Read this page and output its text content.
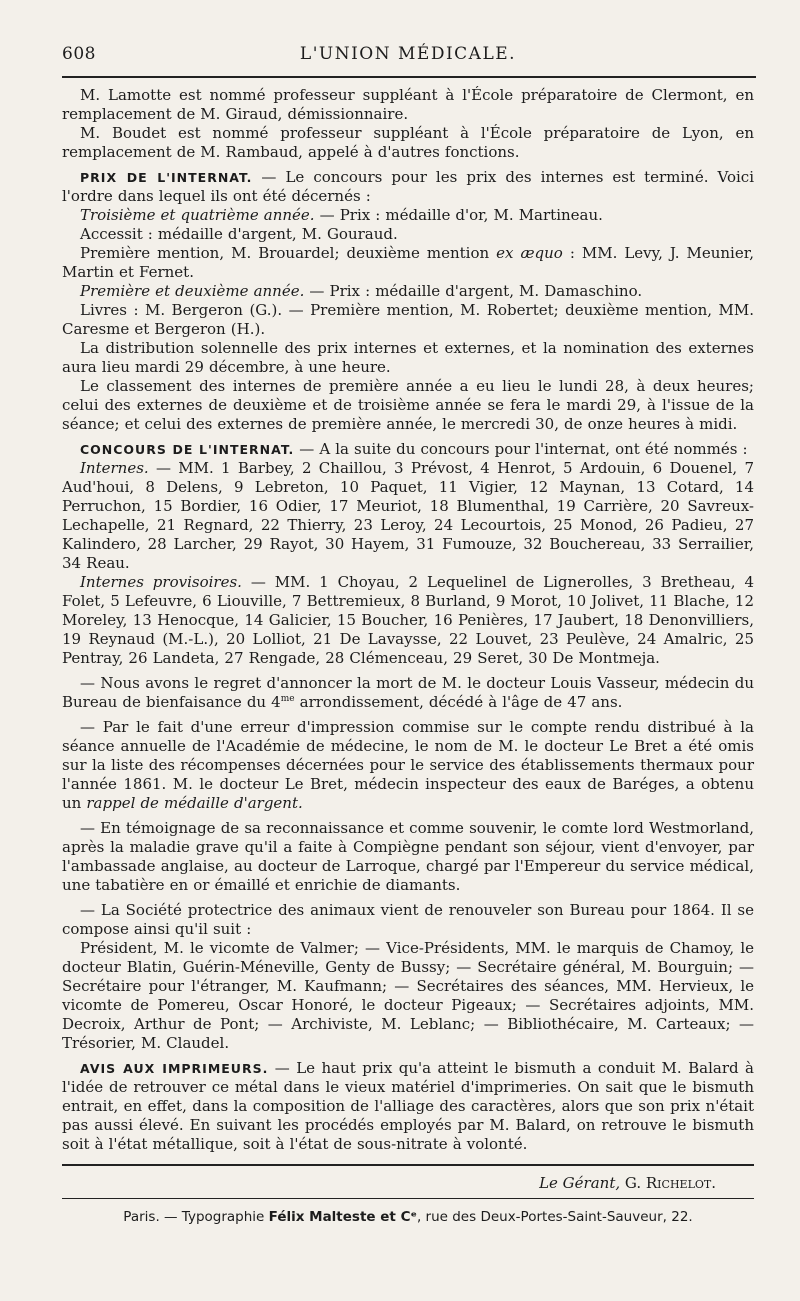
608	L'UNION MÉDICALE.

M. Lamotte est nommé professeur suppléant à l'École préparatoire de Clermont, en remplacement de M. Giraud, démissionnaire.

M. Boudet est nommé professeur suppléant à l'École préparatoire de Lyon, en remplacement de M. Rambaud, appelé à d'autres fonctions.

PRIX DE L'INTERNAT. — Le concours pour les prix des internes est terminé. Voici l'ordre dans lequel ils ont été décernés :

Troisième et quatrième année. — Prix : médaille d'or, M. Martineau.

Accessit : médaille d'argent, M. Gouraud.

Première mention, M. Brouardel; deuxième mention ex æquo : MM. Levy, J. Meunier, Martin et Fernet.

Première et deuxième année. — Prix : médaille d'argent, M. Damaschino.

Livres : M. Bergeron (G.). — Première mention, M. Robertet; deuxième mention, MM. Caresme et Bergeron (H.).

La distribution solennelle des prix internes et externes, et la nomination des externes aura lieu mardi 29 décembre, à une heure.

Le classement des internes de première année a eu lieu le lundi 28, à deux heures; celui des externes de deuxième et de troisième année se fera le mardi 29, à l'issue de la séance; et celui des externes de première année, le mercredi 30, de onze heures à midi.

CONCOURS DE L'INTERNAT. — A la suite du concours pour l'internat, ont été nommés :

Internes. — MM. 1 Barbey, 2 Chaillou, 3 Prévost, 4 Henrot, 5 Ardouin, 6 Douenel, 7 Aud'houi, 8 Delens, 9 Lebreton, 10 Paquet, 11 Vigier, 12 Maynan, 13 Cotard, 14 Perruchon, 15 Bordier, 16 Odier, 17 Meuriot, 18 Blumenthal, 19 Carrière, 20 Savreux-Lechapelle, 21 Regnard, 22 Thierry, 23 Leroy, 24 Lecourtois, 25 Monod, 26 Padieu, 27 Kalindero, 28 Larcher, 29 Rayot, 30 Hayem, 31 Fumouze, 32 Bouchereau, 33 Serrailier, 34 Reau.

Internes provisoires. — MM. 1 Choyau, 2 Lequelinel de Lignerolles, 3 Bretheau, 4 Folet, 5 Lefeuvre, 6 Liouville, 7 Bettremieux, 8 Burland, 9 Morot, 10 Jolivet, 11 Blache, 12 Moreley, 13 Henocque, 14 Galicier, 15 Boucher, 16 Penières, 17 Jaubert, 18 Denonvilliers, 19 Reynaud (M.-L.), 20 Lolliot, 21 De Lavaysse, 22 Louvet, 23 Peulève, 24 Amalric, 25 Pentray, 26 Landeta, 27 Rengade, 28 Clémenceau, 29 Seret, 30 De Montmeja.

— Nous avons le regret d'annoncer la mort de M. le docteur Louis Vasseur, médecin du Bureau de bienfaisance du $4^{me}$ arrondissement, décédé à l'âge de 47 ans.

— Par le fait d'une erreur d'impression commise sur le compte rendu distribué à la séance annuelle de l'Académie de médecine, le nom de M. le docteur Le Bret a été omis sur la liste des récompenses décernées pour le service des établissements thermaux pour l'année 1861. M. le docteur Le Bret, médecin inspecteur des eaux de Baréges, a obtenu un rappel de médaille d'argent.

— En témoignage de sa reconnaissance et comme souvenir, le comte lord Westmorland, après la maladie grave qu'il a faite à Compiègne pendant son séjour, vient d'envoyer, par l'ambassade anglaise, au docteur de Larroque, chargé par l'Empereur du service médical, une tabatière en or émaillé et enrichie de diamants.

— La Société protectrice des animaux vient de renouveler son Bureau pour 1864. Il se compose ainsi qu'il suit :

Président, M. le vicomte de Valmer; — Vice-Présidents, MM. le marquis de Chamoy, le docteur Blatin, Guérin-Méneville, Genty de Bussy; — Secrétaire général, M. Bourguin; — Secrétaire pour l'étranger, M. Kaufmann; — Secrétaires des séances, MM. Hervieux, le vicomte de Pomereu, Oscar Honoré, le docteur Pigeaux; — Secrétaires adjoints, MM. Decroix, Arthur de Pont; — Archiviste, M. Leblanc; — Bibliothécaire, M. Carteaux; — Trésorier, M. Claudel.

AVIS AUX IMPRIMEURS. — Le haut prix qu'a atteint le bismuth a conduit M. Balard à l'idée de retrouver ce métal dans le vieux matériel d'imprimeries. On sait que le bismuth entrait, en effet, dans la composition de l'alliage des caractères, alors que son prix n'était pas aussi élevé. En suivant les procédés employés par M. Balard, on retrouve le bismuth soit à l'état métallique, soit à l'état de sous-nitrate à volonté.

Le Gérant, G. Richelot.
Paris. — Typographie Félix Malteste et Cᵉ, rue des Deux-Portes-Saint-Sauveur, 22.
